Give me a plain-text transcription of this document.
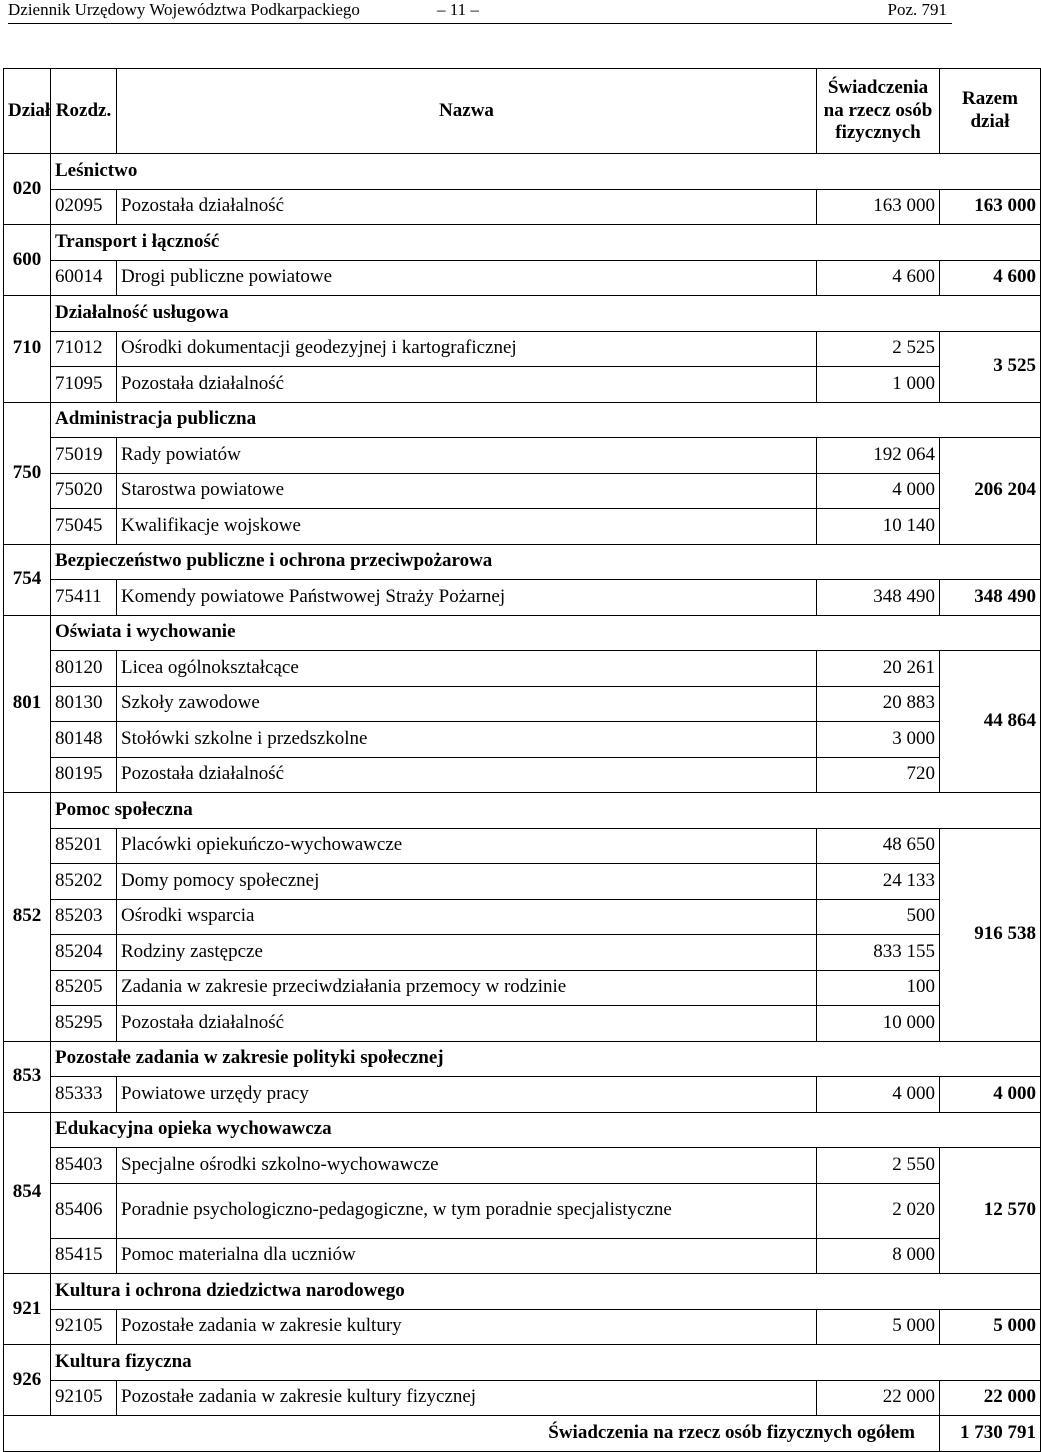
Dziennik Urzędowy Województwa Podkarpackiego	– 11 –	Poz. 791
Dział	Rozdz.	Nazwa	Świadczenia na rzecz osób fizycznych	Razem dział
020	Leśnictwo			
	02095	Pozostała działalność	163 000	163 000
600	Transport i łączność			
	60014	Drogi publiczne powiatowe	4 600	4 600
710	Działalność usługowa			
	71012	Ośrodki dokumentacji geodezyjnej i kartograficznej	2 525	3 525
	71095	Pozostała działalność	1 000	
750	Administracja publiczna			
	75019	Rady powiatów	192 064	206 204
	75020	Starostwa powiatowe	4 000	
	75045	Kwalifikacje wojskowe	10 140	
754	Bezpieczeństwo publiczne i ochrona przeciwpożarowa			
	75411	Komendy powiatowe Państwowej Straży Pożarnej	348 490	348 490
801	Oświata i wychowanie			
	80120	Licea ogólnokształcące	20 261	44 864
	80130	Szkoły zawodowe	20 883	
	80148	Stołówki szkolne i przedszkolne	3 000	
	80195	Pozostała działalność	720	
852	Pomoc społeczna			
	85201	Placówki opiekuńczo-wychowawcze	48 650	916 538
	85202	Domy pomocy społecznej	24 133	
	85203	Ośrodki wsparcia	500	
	85204	Rodziny zastępcze	833 155	
	85205	Zadania w zakresie przeciwdziałania przemocy w rodzinie	100	
	85295	Pozostała działalność	10 000	
853	Pozostałe zadania w zakresie polityki społecznej			
	85333	Powiatowe urzędy pracy	4 000	4 000
854	Edukacyjna opieka wychowawcza			
	85403	Specjalne ośrodki szkolno-wychowawcze	2 550	12 570
	85406	Poradnie psychologiczno-pedagogiczne, w tym poradnie specjalistyczne	2 020	
	85415	Pomoc materialna dla uczniów	8 000	
921	Kultura i ochrona dziedzictwa narodowego			
	92105	Pozostałe zadania w zakresie kultury	5 000	5 000
926	Kultura fizyczna			
	92105	Pozostałe zadania w zakresie kultury fizycznej	22 000	22 000
Świadczenia na rzecz osób fizycznych ogółem				1 730 791
